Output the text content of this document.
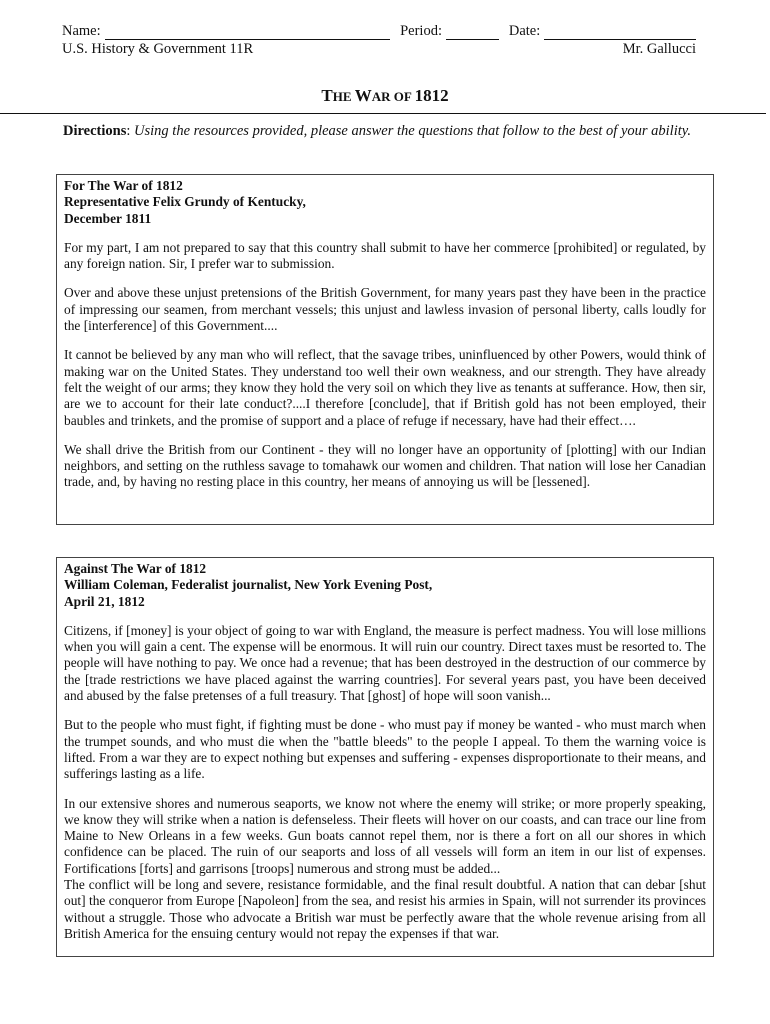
Name:	Period:	Date:
U.S. History & Government 11R	Mr. Gallucci
THE WAR OF 1812
Directions: Using the resources provided, please answer the questions that follow to the best of your ability.
For The War of 1812
Representative Felix Grundy of Kentucky,
December 1811

For my part, I am not prepared to say that this country shall submit to have her commerce [prohibited] or regulated, by any foreign nation. Sir, I prefer war to submission.

Over and above these unjust pretensions of the British Government, for many years past they have been in the practice of impressing our seamen, from merchant vessels; this unjust and lawless invasion of personal liberty, calls loudly for the [interference] of this Government....

It cannot be believed by any man who will reflect, that the savage tribes, uninfluenced by other Powers, would think of making war on the United States. They understand too well their own weakness, and our strength. They have already felt the weight of our arms; they know they hold the very soil on which they live as tenants at sufferance. How, then sir, are we to account for their late conduct?....I therefore [conclude], that if British gold has not been employed, their baubles and trinkets, and the promise of support and a place of refuge if necessary, have had their effect….

We shall drive the British from our Continent - they will no longer have an opportunity of [plotting] with our Indian neighbors, and setting on the ruthless savage to tomahawk our women and children. That nation will lose her Canadian trade, and, by having no resting place in this country, her means of annoying us will be [lessened].

Against The War of 1812
William Coleman, Federalist journalist, New York Evening Post,
April 21, 1812

Citizens, if [money] is your object of going to war with England, the measure is perfect madness. You will lose millions when you will gain a cent. The expense will be enormous. It will ruin our country. Direct taxes must be resorted to. The people will have nothing to pay. We once had a revenue; that has been destroyed in the destruction of our commerce by the [trade restrictions we have placed against the warring countries]. For several years past, you have been deceived and abused by the false pretenses of a full treasury. That [ghost] of hope will soon vanish...

But to the people who must fight, if fighting must be done - who must pay if money be wanted - who must march when the trumpet sounds, and who must die when the "battle bleeds" to the people I appeal. To them the warning voice is lifted. From a war they are to expect nothing but expenses and suffering - expenses disproportionate to their means, and sufferings lasting as a life.

In our extensive shores and numerous seaports, we know not where the enemy will strike; or more properly speaking, we know they will strike when a nation is defenseless. Their fleets will hover on our coasts, and can trace our line from Maine to New Orleans in a few weeks. Gun boats cannot repel them, nor is there a fort on all our shores in which confidence can be placed. The ruin of our seaports and loss of all vessels will form an item in our list of expenses. Fortifications [forts] and garrisons [troops] numerous and strong must be added...

The conflict will be long and severe, resistance formidable, and the final result doubtful. A nation that can debar [shut out] the conqueror from Europe [Napoleon] from the sea, and resist his armies in Spain, will not surrender its provinces without a struggle. Those who advocate a British war must be perfectly aware that the whole revenue arising from all British America for the ensuing century would not repay the expenses if that war.
